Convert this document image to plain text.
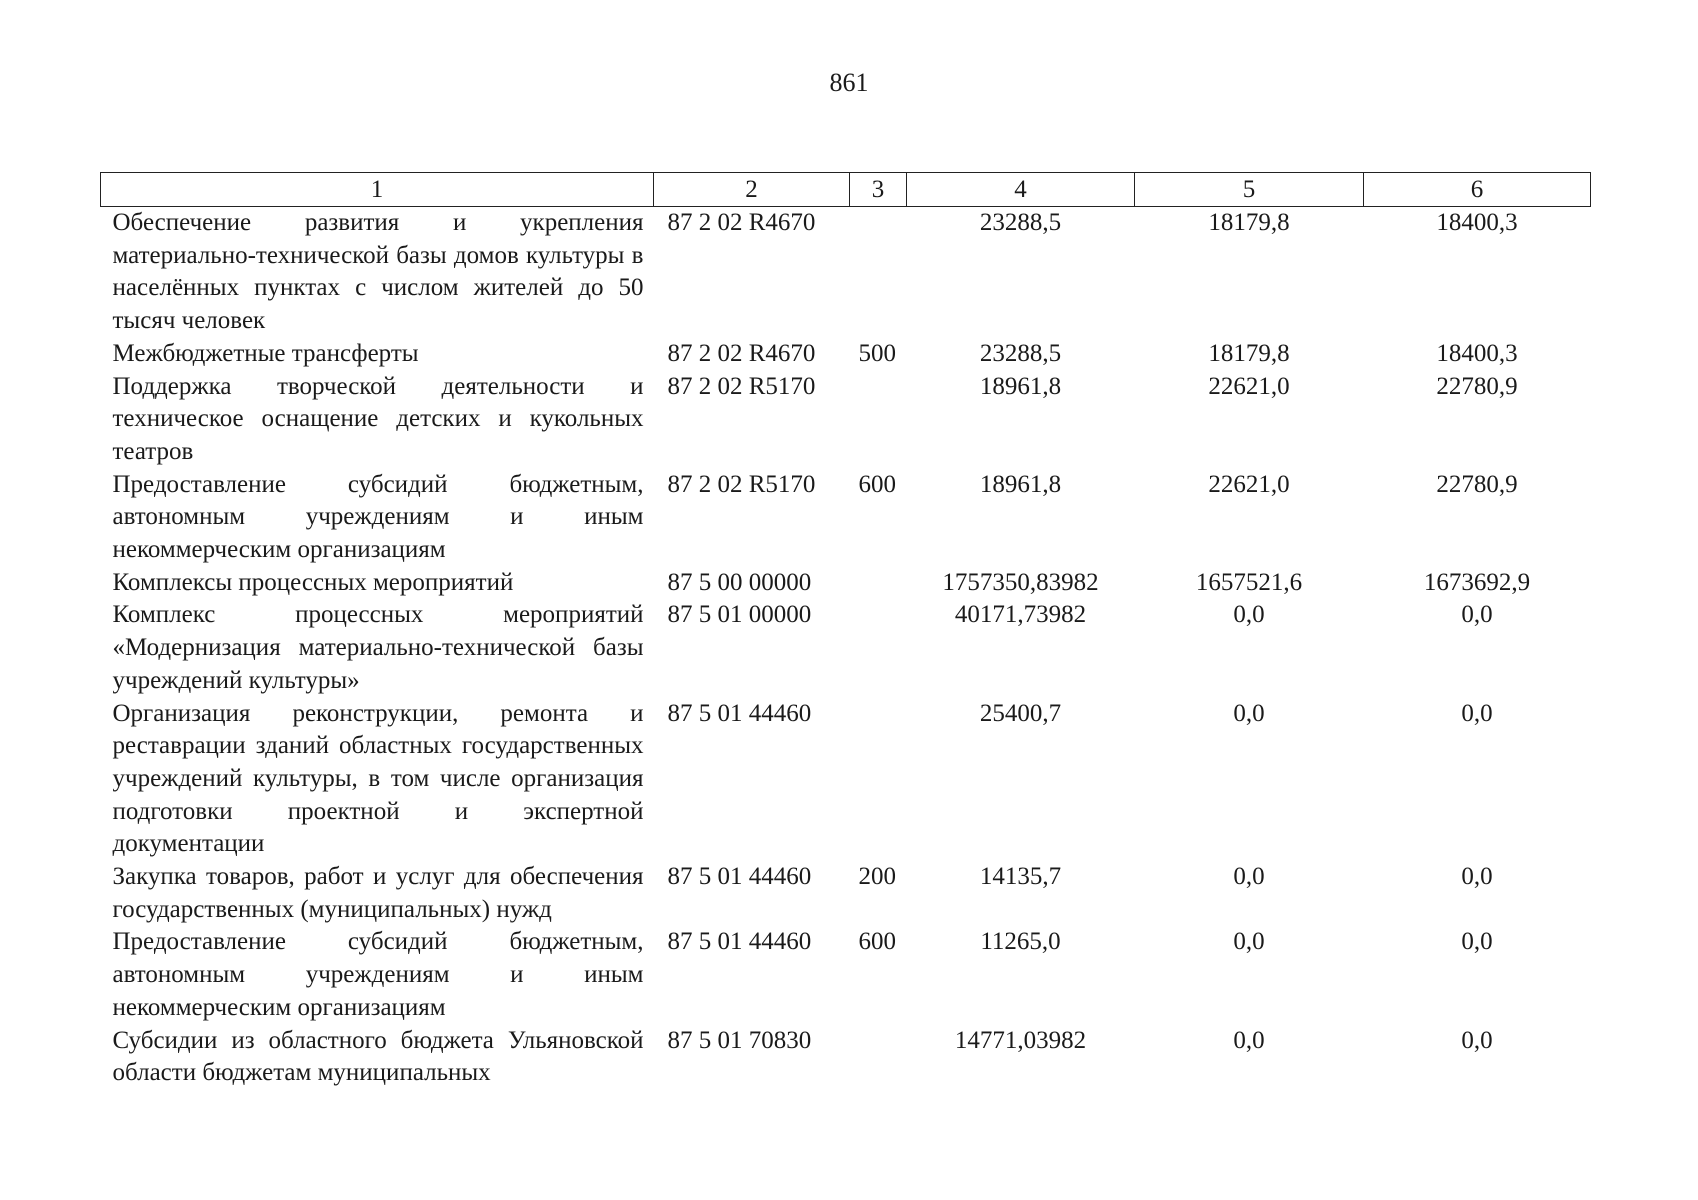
861
1	2	3	4	5	6
Обеспечение развития и укрепления материально-технической базы домов культуры в населённых пунктах с числом жителей до 50 тысяч человек	87 2 02 R4670		23288,5	18179,8	18400,3
Межбюджетные трансферты	87 2 02 R4670	500	23288,5	18179,8	18400,3
Поддержка творческой деятельности и техническое оснащение детских и кукольных театров	87 2 02 R5170		18961,8	22621,0	22780,9
Предоставление субсидий бюджетным, автономным учреждениям и иным некоммерческим организациям	87 2 02 R5170	600	18961,8	22621,0	22780,9
Комплексы процессных мероприятий	87 5 00 00000		1757350,83982	1657521,6	1673692,9
Комплекс процессных мероприятий «Модернизация материально-технической базы учреждений культуры»	87 5 01 00000		40171,73982	0,0	0,0
Организация реконструкции, ремонта и реставрации зданий областных государственных учреждений культуры, в том числе организация подготовки проектной и экспертной документации	87 5 01 44460		25400,7	0,0	0,0
Закупка товаров, работ и услуг для обеспечения государственных (муниципальных) нужд	87 5 01 44460	200	14135,7	0,0	0,0
Предоставление субсидий бюджетным, автономным учреждениям и иным некоммерческим организациям	87 5 01 44460	600	11265,0	0,0	0,0
Субсидии из областного бюджета Ульяновской области бюджетам муниципальных	87 5 01 70830		14771,03982	0,0	0,0
